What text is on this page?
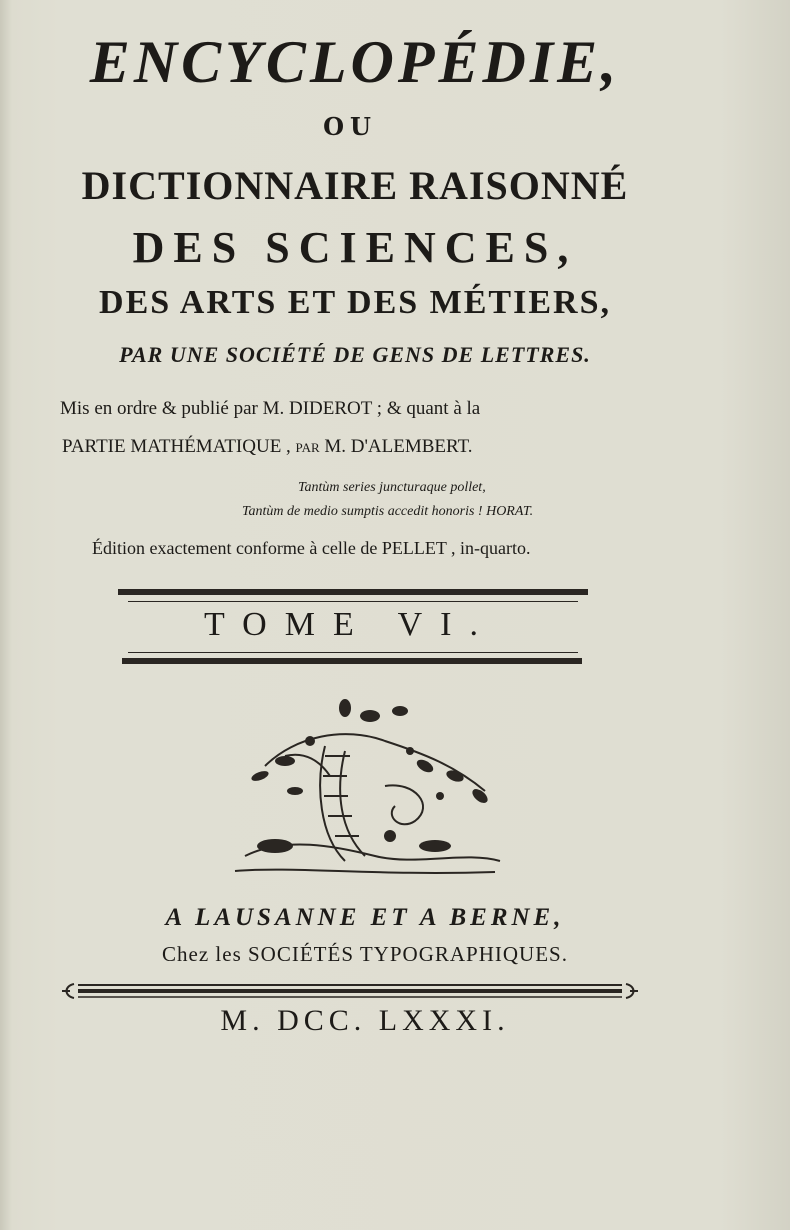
ENCYCLOPÉDIE,
OU
DICTIONNAIRE RAISONNÉ
DES SCIENCES,
DES ARTS ET DES MÉTIERS,
PAR UNE SOCIÉTÉ DE GENS DE LETTRES.
Mis en ordre & publié par M. DIDEROT ; & quant à la
PARTIE MATHÉMATIQUE , par M. D'ALEMBERT.
Tantùm series juncturaque pollet,
Tantùm de medio sumptis accedit honoris ! HORAT.
Édition exactement conforme à celle de PELLET , in-quarto.
TOME VI.
A LAUSANNE ET A BERNE,
Chez les SOCIÉTÉS TYPOGRAPHIQUES.
M. DCC. LXXXI.
